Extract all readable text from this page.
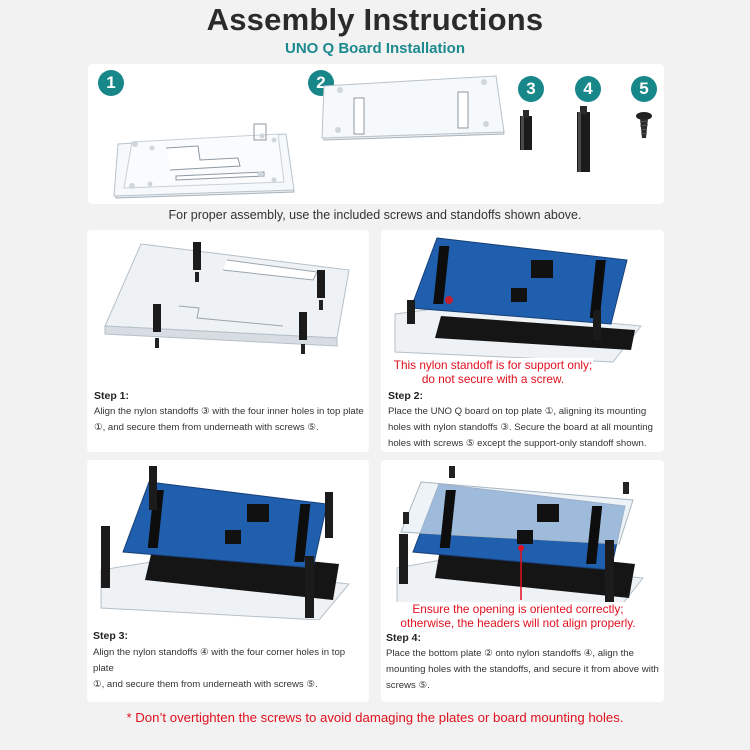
Assembly Instructions
UNO Q Board Installation
1	2	3	4	5
For proper assembly, use the included screws and standoffs shown above.
Step 1:
Align the nylon standoffs ③ with the four inner holes in top plate
①, and secure them from underneath with screws ⑤.
This nylon standoff is for support only;
do not secure with a screw.
Step 2:
Place the UNO Q board on top plate ①, aligning its mounting
holes with nylon standoffs ③. Secure the board at all mounting
holes with screws ⑤ except the support-only standoff shown.
Step 3:
Align the nylon standoffs ④ with the four corner holes in top plate
①, and secure them from underneath with screws ⑤.
Ensure the opening is oriented correctly;
otherwise, the headers will not align properly.
Step 4:
Place the bottom plate ② onto nylon standoffs ④, align the
mounting holes with the standoffs, and secure it from above with
screws ⑤.
* Don’t overtighten the screws to avoid damaging the plates or board mounting holes.
